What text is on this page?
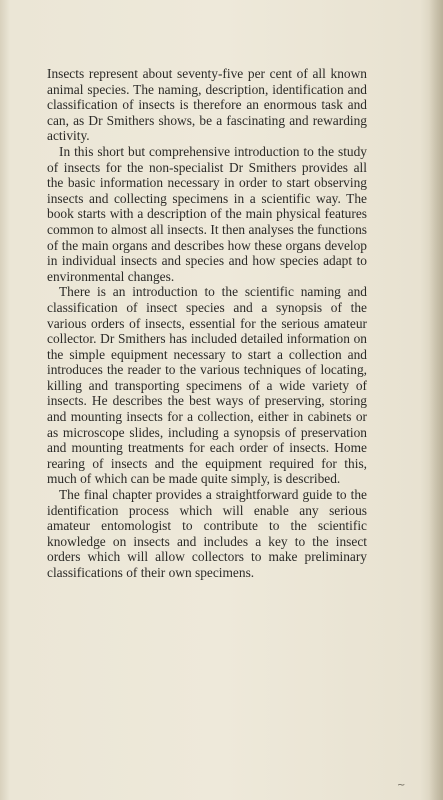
Insects represent about seventy-five per cent of all known animal species. The naming, description, identification and classification of insects is therefore an enormous task and can, as Dr Smithers shows, be a fascinating and rewarding activity.

In this short but comprehensive introduction to the study of insects for the non-specialist Dr Smithers provides all the basic information necessary in order to start observing insects and collecting specimens in a scientific way. The book starts with a description of the main physical features common to almost all insects. It then analyses the functions of the main organs and describes how these organs develop in individual insects and species and how species adapt to environmental changes.

There is an introduction to the scientific naming and classification of insect species and a synopsis of the various orders of insects, essential for the serious amateur collector. Dr Smithers has included detailed information on the simple equipment necessary to start a collection and introduces the reader to the various techniques of locating, killing and transporting specimens of a wide variety of insects. He describes the best ways of preserving, storing and mounting insects for a collection, either in cabinets or as microscope slides, including a synopsis of preservation and mounting treatments for each order of insects. Home rearing of insects and the equipment required for this, much of which can be made quite simply, is described.

The final chapter provides a straightforward guide to the identification process which will enable any serious amateur entomologist to contribute to the scientific knowledge on insects and includes a key to the insect orders which will allow collectors to make preliminary classifications of their own specimens.

~
